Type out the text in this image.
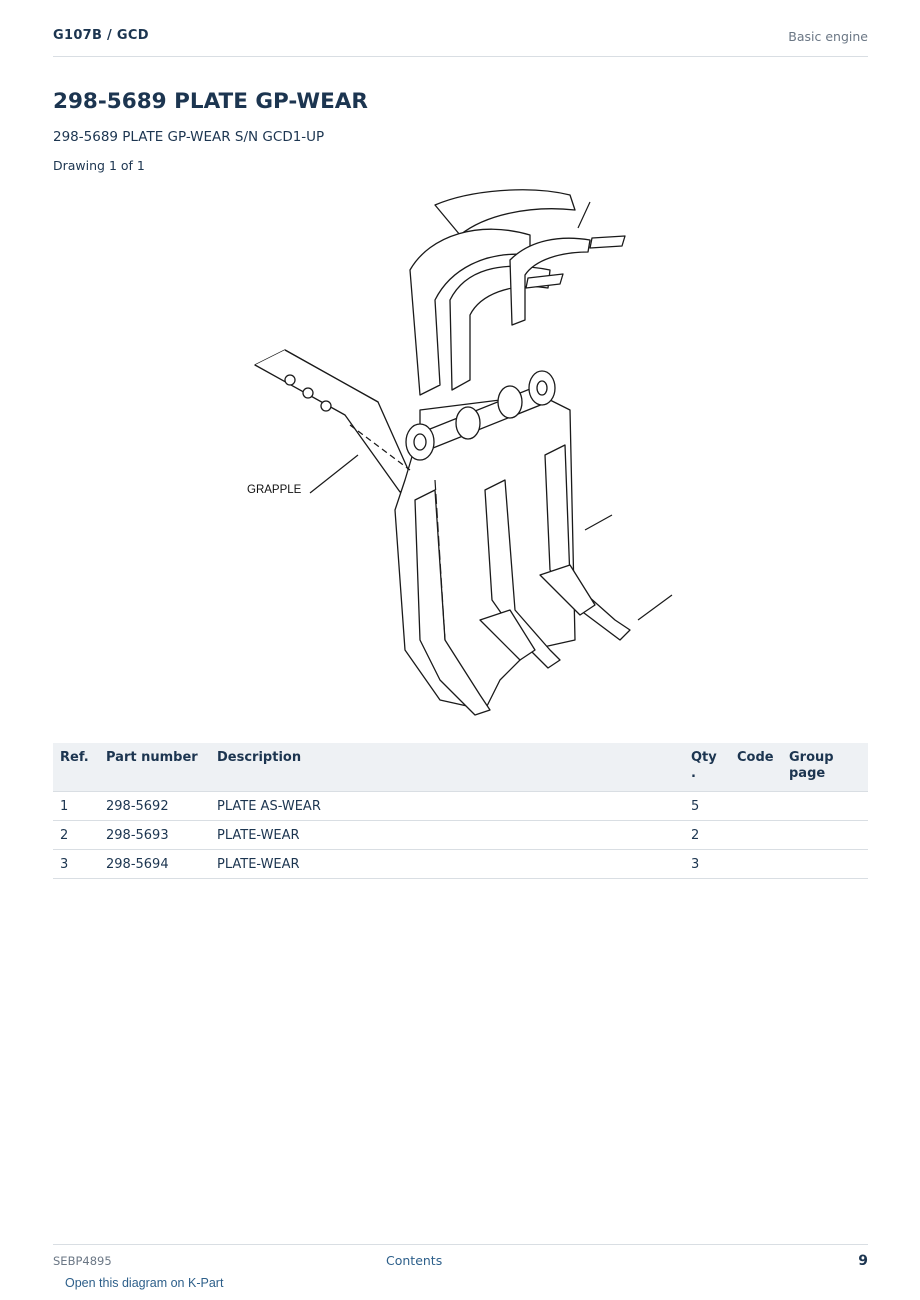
G107B / GCD	Basic engine
298-5689 PLATE GP-WEAR
298-5689 PLATE GP-WEAR S/N GCD1-UP
Drawing 1 of 1
GRAPPLE
Ref.	Part number	Description	Qty .	Code	Group page
1	298-5692	PLATE AS-WEAR	5		
2	298-5693	PLATE-WEAR	2		
3	298-5694	PLATE-WEAR	3		
SEBP4895	Contents	9
Open this diagram on K-Part
